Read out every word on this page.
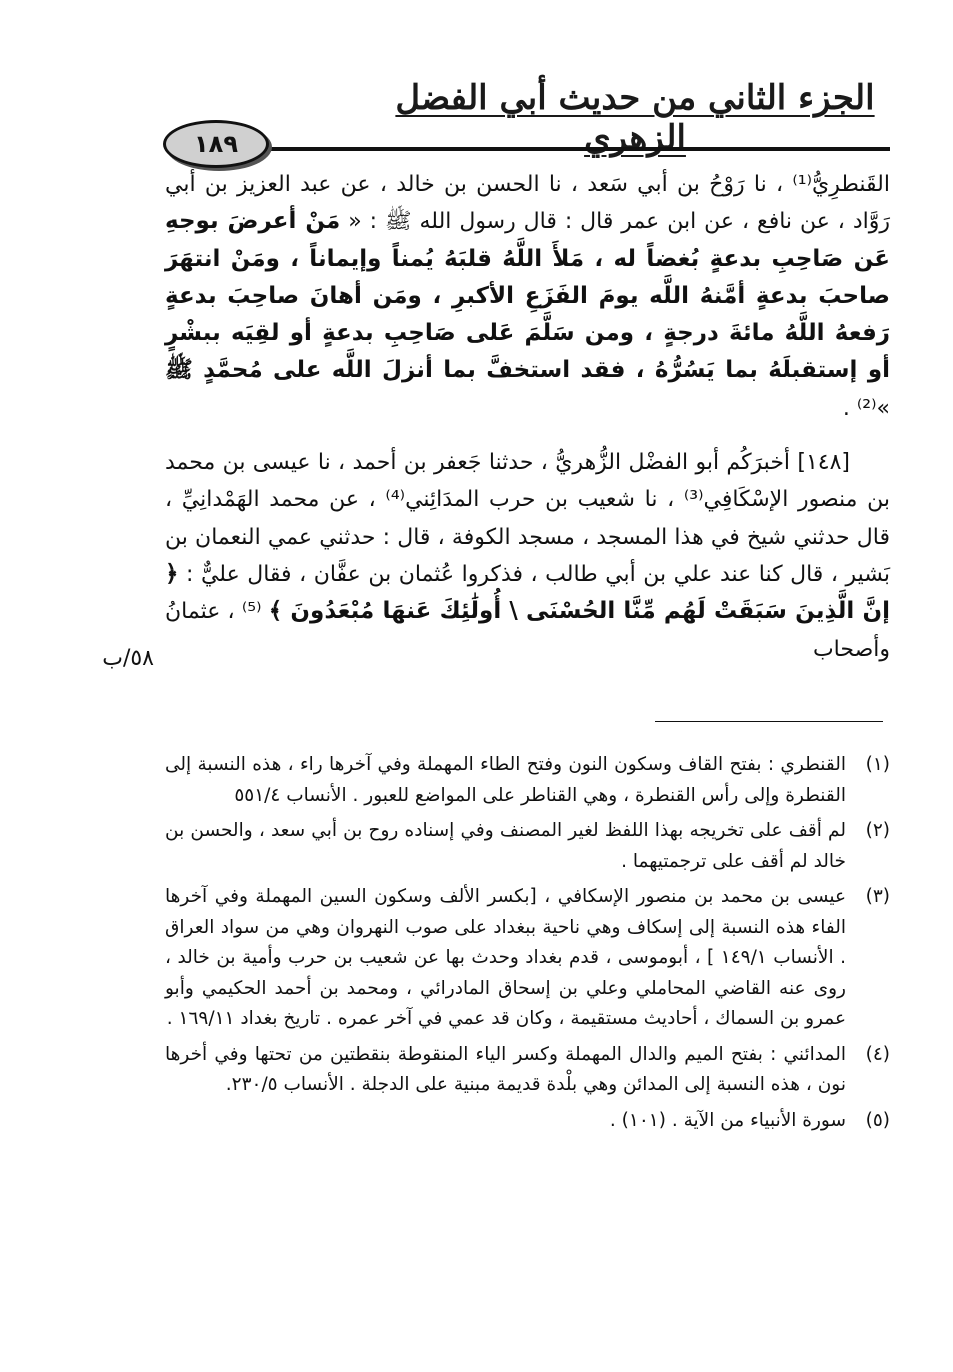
الجزء الثاني من حديث أبي الفضل الزهري
١٨٩

القَنطرِيُّ⁽¹⁾ ، نا رَوْحُ بن أبي سَعد ، نا الحسن بن خالد ، عن عبد العزيز بن أبي رَوَّاد ، عن نافع ، عن ابن عمر قال : قال رسول الله ﷺ : « مَنْ أعرضَ بوجهِ عَن صَاحِبِ بدعةٍ بُغضاً له ، مَلأَ اللَّهُ قلبَهُ يُمناً وإيماناً ، ومَنْ انتهَرَ صاحبَ بدعةٍ أمَّنهُ اللَّه يومَ الفَزَعِ الأكبرِ ، ومَن أهانَ صاحِبَ بدعةٍ رَفعهُ اللَّهُ مائةَ درجةٍ ، ومن سَلَّمَ عَلى صَاحِبِ بدعةٍ أو لقِيَه ببشْرٍ أو إستقبلَهُ بما يَسُرُّهُ ، فقد استخفَّ بما أنزلَ اللَّه على مُحمَّدٍ ﷺ »⁽²⁾ .

[١٤٨] أخبرَكُم أبو الفضْل الزُّهريُّ ، حدثنا جَعفر بن أحمد ، نا عيسى بن محمد بن منصور الإسْكَافِي⁽³⁾ ، نا شعيب بن حرب المدَائِني⁽⁴⁾ ، عن محمد الهَمْدانِيِّ ، قال حدثني شيخ في هذا المسجد ، مسجد الكوفة ، قال : حدثني عمي النعمان بن بَشير ، قال كنا عند علي بن أبي طالب ، فذكروا عُثمان بن عفَّان ، فقال عليٌّ : ﴿ إنَّ الَّذِينَ سَبَقَتْ لَهُم مِّنَّا الحُسْنَى \ أُولَٰئِكَ عَنهَا مُبْعَدُونَ ﴾ ⁽⁵⁾ ، عثمانُ وأصحاب

٥٨/ب
(١)
القنطري : بفتح القاف وسكون النون وفتح الطاء المهملة وفي آخرها راء ، هذه النسبة إلى القنطرة وإلى رأس القنطرة ، وهي القناطر على المواضع للعبور . الأنساب ٥٥١/٤
(٢)
لم أقف على تخريجه بهذا اللفظ لغير المصنف وفي إسناده روح بن أبي سعد ، والحسن بن خالد لم أقف على ترجمتيهما .
(٣)
عيسى بن محمد بن منصور الإسكافي ، [بكسر الألف وسكون السين المهملة وفي آخرها الفاء هذه النسبة إلى إسكاف وهي ناحية ببغداد على صوب النهروان وهي من سواد العراق . الأنساب ١٤٩/١ ] ، أبوموسى ، قدم بغداد وحدث بها عن شعيب بن حرب وأمية بن خالد ، روى عنه القاضي المحاملي وعلي بن إسحاق المادرائي ، ومحمد بن أحمد الحكيمي وأبو عمرو بن السماك ، أحاديث مستقيمة ، وكان قد عمي في آخر عمره . تاريخ بغداد ١٦٩/١١ .
(٤)
المدائني : بفتح الميم والدال المهملة وكسر الياء المنقوطة بنقطتين من تحتها وفي أخرها نون ، هذه النسبة إلى المدائن وهي بلْدة قديمة مبنية على الدجلة . الأنساب ٢٣٠/٥.
(٥)
سورة الأنبياء من الآية . (١٠١) .
